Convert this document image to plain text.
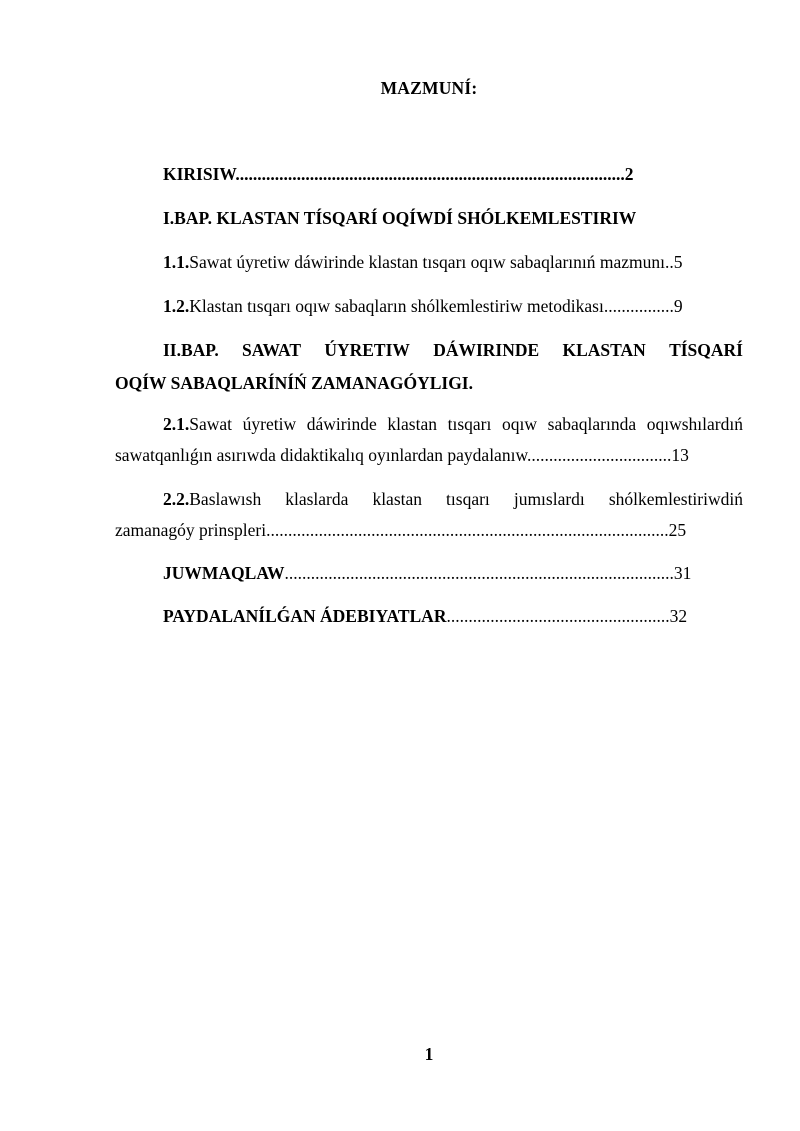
MAZMUNÍ:
KIRISIW.........................................................................................2
I.BAP. KLASTAN TÍSQARÍ OQÍWDÍ SHÓLKEMLESTIRIW
1.1.Sawat úyretiw dáwirinde klastan tısqarı oqıw sabaqlarınıń mazmunı..5
1.2.Klastan tısqarı oqıw sabaqların shólkemlestiriw metodikası................9
II.BAP. SAWAT ÚYRETIW DÁWIRINDE KLASTAN TÍSQARÍ
OQÍW SABAQLARÍNÍŃ ZAMANAGÓYLIGI.
2.1.Sawat úyretiw dáwirinde klastan tısqarı oqıw sabaqlarında oqıwshılardıń
sawatqanlıǵın asırıwda didaktikalıq oyınlardan paydalanıw.................................13
2.2.Baslawısh klaslarda klastan tısqarı jumıslardı shólkemlestiriwdiń
zamanagóy prinspleri............................................................................................25
JUWMAQLAW.........................................................................................31
PAYDALANÍLǴAN ÁDEBIYATLAR...................................................32
1
